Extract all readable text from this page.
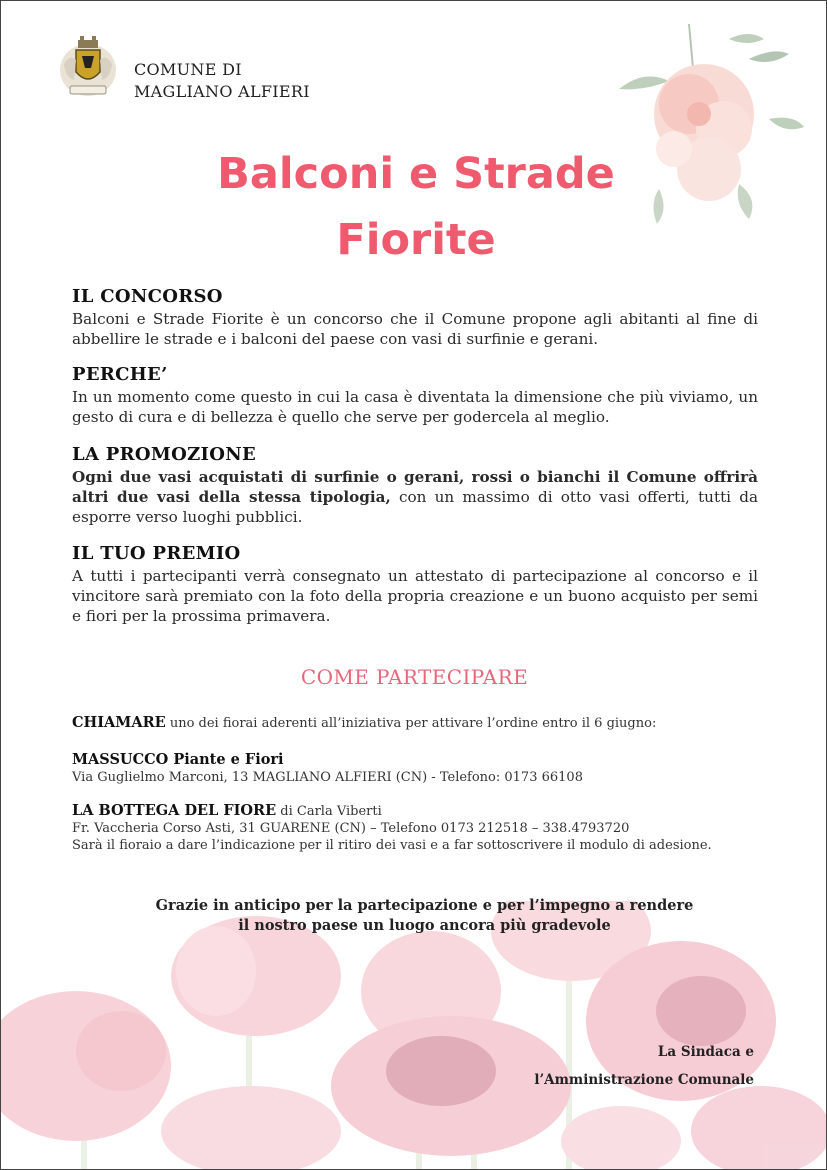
COMUNE DI
MAGLIANO ALFIERI
Balconi e Strade
Fiorite
IL CONCORSO

Balconi e Strade Fiorite è un concorso che il Comune propone agli abitanti al fine di abbellire le strade e i balconi del paese con vasi di surfinie e gerani.

PERCHE’

In un momento come questo in cui la casa è diventata la dimensione che più viviamo, un gesto di cura e di bellezza è quello che serve per godercela al meglio.

LA PROMOZIONE

Ogni due vasi acquistati di surfinie o gerani, rossi o bianchi il Comune offrirà altri due vasi della stessa tipologia, con un massimo di otto vasi offerti, tutti da esporre verso luoghi pubblici.

IL TUO PREMIO

A tutti i partecipanti verrà consegnato un attestato di partecipazione al concorso e il vincitore sarà premiato con la foto della propria creazione e un buono acquisto per semi e fiori per la prossima primavera.

COME PARTECIPARE
CHIAMARE uno dei fiorai aderenti all’iniziativa per attivare l’ordine entro il 6 giugno:
MASSUCCO Piante e Fiori
Via Guglielmo Marconi, 13 MAGLIANO ALFIERI (CN) - Telefono: 0173 66108
LA BOTTEGA DEL FIORE di Carla Viberti
Fr. Vaccheria Corso Asti, 31 GUARENE (CN) – Telefono 0173 212518 – 338.4793720
Sarà il fioraio a dare l’indicazione per il ritiro dei vasi e a far sottoscrivere il modulo di adesione.
Grazie in anticipo per la partecipazione e per l’impegno a rendere
il nostro paese un luogo ancora più gradevole
La Sindaca e
l’Amministrazione Comunale
